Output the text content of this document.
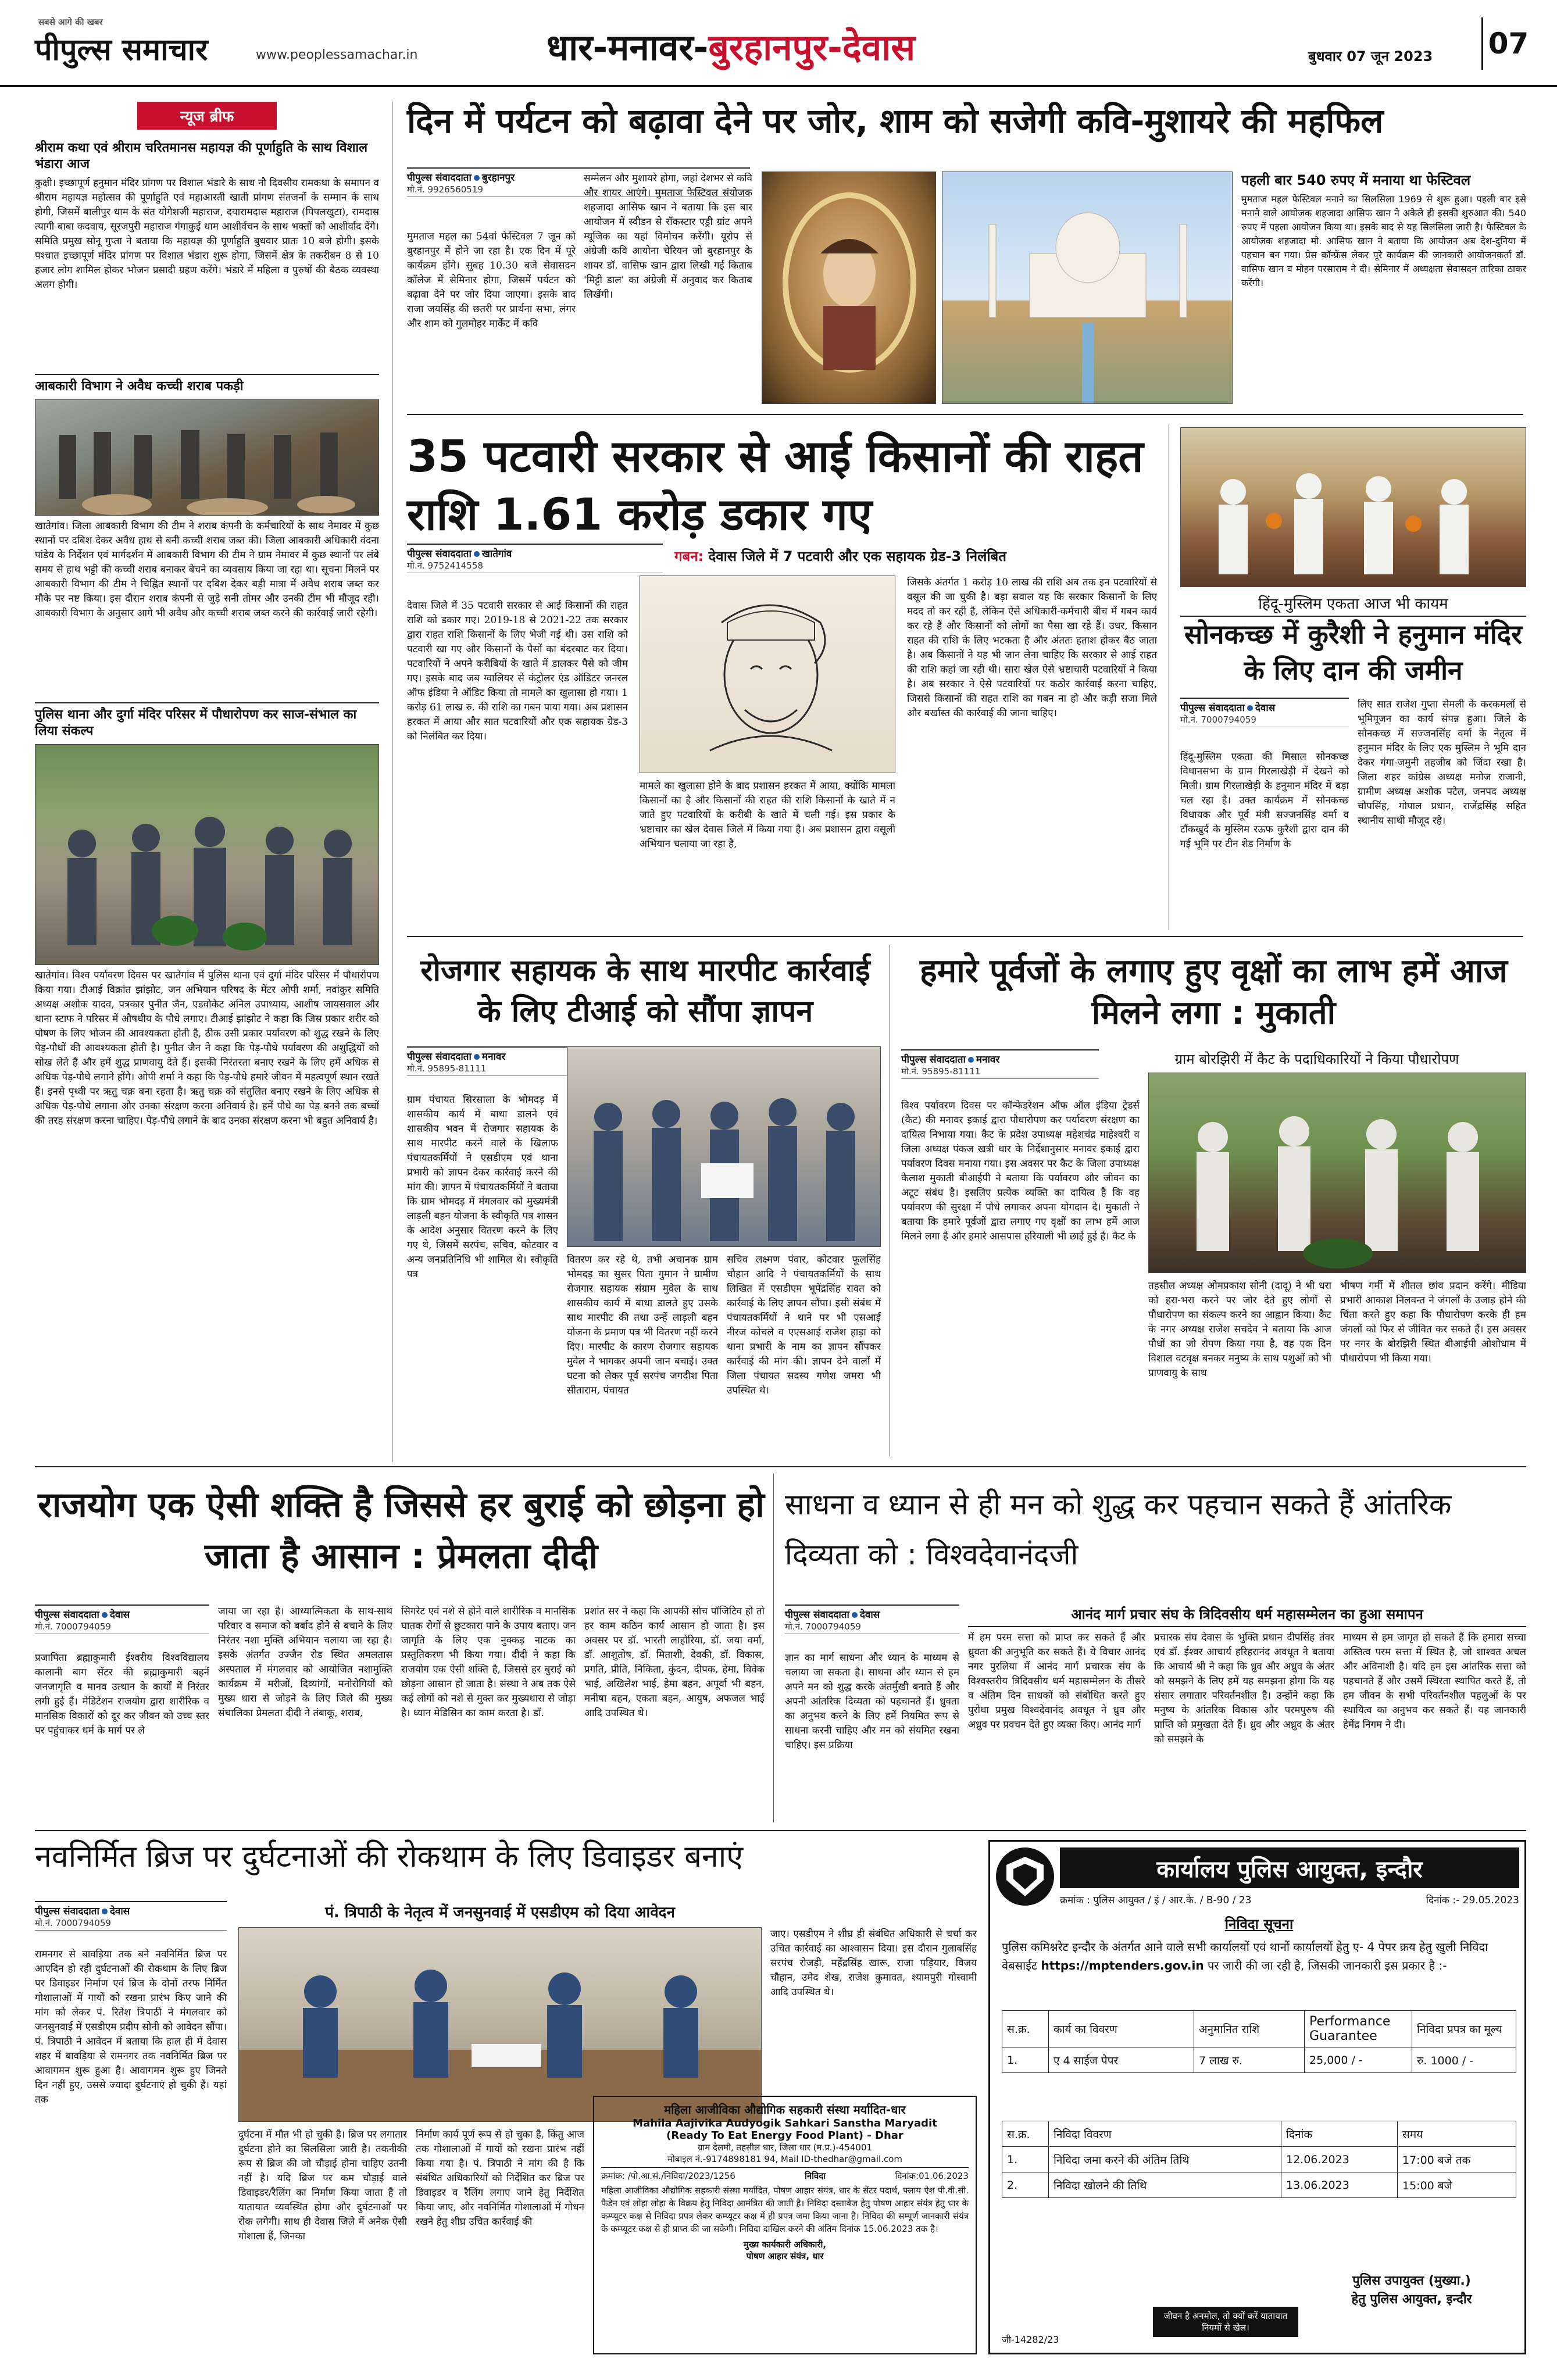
सबसे आगे की खबर
पीपुल्स समाचार	www.peoplessamachar.in	धार-मनावर-बुरहानपुर-देवास	बुधवार 07 जून 2023 07
न्यूज ब्रीफ
श्रीराम कथा एवं श्रीराम चरितमानस महायज्ञ की पूर्णाहुति के साथ विशाल भंडारा आज
कुक्षी। इच्छापूर्ण हनुमान मंदिर प्रांगण पर विशाल भंडारे के साथ नौ दिवसीय रामकथा के समापन व श्रीराम महायज्ञ महोत्सव की पूर्णाहुति एवं महाआरती खाती प्रांगण संतजनों के सम्मान के साथ होगी, जिसमें बालीपुर धाम के संत योगेशजी महाराज, दयारामदास महाराज (पिपलखुटा), रामदास त्यागी बाबा कदवाय, सूरजपुरी महाराज गंगाकुई धाम आशीर्वचन के साथ भक्तों को आशीर्वाद देंगे। समिति प्रमुख सोनू गुप्ता ने बताया कि महायज्ञ की पूर्णाहुति बुधवार प्रातः 10 बजे होगी। इसके पश्चात इच्छापूर्ण मंदिर प्रांगण पर विशाल भंडारा शुरू होगा, जिसमें क्षेत्र के तकरीबन 8 से 10 हजार लोग शामिल होकर भोजन प्रसादी ग्रहण करेंगे। भंडारे में महिला व पुरुषों की बैठक व्यवस्था अलग होगी।
आबकारी विभाग ने अवैध कच्ची शराब पकड़ी
खातेगांव। जिला आबकारी विभाग की टीम ने शराब कंपनी के कर्मचारियों के साथ नेमावर में कुछ स्थानों पर दबिश देकर अवैध हाथ से बनी कच्ची शराब जब्त की। जिला आबकारी अधिकारी वंदना पांडेय के निर्देशन एवं मार्गदर्शन में आबकारी विभाग की टीम ने ग्राम नेमावर में कुछ स्थानों पर लंबे समय से हाथ भट्टी की कच्ची शराब बनाकर बेचने का व्यवसाय किया जा रहा था। सूचना मिलने पर आबकारी विभाग की टीम ने चिह्नित स्थानों पर दबिश देकर बड़ी मात्रा में अवैध शराब जब्त कर मौके पर नष्ट किया। इस दौरान शराब कंपनी से जुड़े सनी तोमर और उनकी टीम भी मौजूद रही। आबकारी विभाग के अनुसार आगे भी अवैध और कच्ची शराब जब्त करने की कार्रवाई जारी रहेगी।
पुलिस थाना और दुर्गा मंदिर परिसर में पौधारोपण कर साज-संभाल का लिया संकल्प
खातेगांव। विश्व पर्यावरण दिवस पर खातेगांव में पुलिस थाना एवं दुर्गा मंदिर परिसर में पौधारोपण किया गया। टीआई विक्रांत झांझोट, जन अभियान परिषद के मेंटर ओपी शर्मा, नवांकुर समिति अध्यक्ष अशोक यादव, पत्रकार पुनीत जैन, एडवोकेट अनिल उपाध्याय, आशीष जायसवाल और थाना स्टाफ ने परिसर में औषधीय के पौधे लगाए। टीआई झांझोट ने कहा कि जिस प्रकार शरीर को पोषण के लिए भोजन की आवश्यकता होती है, ठीक उसी प्रकार पर्यावरण को शुद्ध रखने के लिए पेड़-पौधों की आवश्यकता होती है। पुनीत जैन ने कहा कि पेड़-पौधे पर्यावरण की अशुद्धियों को सोख लेते हैं और हमें शुद्ध प्राणवायु देते हैं। इसकी निरंतरता बनाए रखने के लिए हमें अधिक से अधिक पेड़-पौधे लगाने होंगे। ओपी शर्मा ने कहा कि पेड़-पौधे हमारे जीवन में महत्वपूर्ण स्थान रखते हैं। इनसे पृथ्वी पर ऋतु चक्र बना रहता है। ऋतु चक्र को संतुलित बनाए रखने के लिए अधिक से अधिक पेड़-पौधे लगाना और उनका संरक्षण करना अनिवार्य है। हमें पौधे का पेड़ बनने तक बच्चों की तरह संरक्षण करना चाहिए। पेड़-पौधे लगाने के बाद उनका संरक्षण करना भी बहुत अनिवार्य है।
दिन में पर्यटन को बढ़ावा देने पर जोर, शाम को सजेगी कवि-मुशायरे की महफिल
पीपुल्स संवाददाता बुरहानपुर
मो.नं. 9926560519
मुमताज महल का 54वां फेस्टिवल 7 जून को बुरहानपुर में होने जा रहा है। एक दिन में पूरे कार्यक्रम होंगे। सुबह 10.30 बजे सेवासदन कॉलेज में सेमिनार होगा, जिसमें पर्यटन को बढ़ावा देने पर जोर दिया जाएगा। इसके बाद राजा जयसिंह की छतरी पर प्रार्थना सभा, लंगर और शाम को गुलमोहर मार्केट में कवि
सम्मेलन और मुशायरे होगा, जहां देशभर से कवि और शायर आएंगे। मुमताज फेस्टिवल संयोजक शहजादा आसिफ खान ने बताया कि इस बार आयोजन में स्वीडन से रॉकस्टार एड्री ग्रांट अपने म्यूजिक का यहां विमोचन करेंगी। यूरोप से अंग्रेजी कवि आयोना चेरियन जो बुरहानपुर के शायर डॉ. वासिफ खान द्वारा लिखी गई किताब 'मिट्टी डाल' का अंग्रेजी में अनुवाद कर किताब लिखेंगी।
पहली बार 540 रुपए में मनाया था फेस्टिवल
मुमताज महल फेस्टिवल मनाने का सिलसिला 1969 से शुरू हुआ। पहली बार इसे मनाने वाले आयोजक शहजादा आसिफ खान ने अकेले ही इसकी शुरुआत की। 540 रुपए में पहला आयोजन किया था। इसके बाद से यह सिलसिला जारी है। फेस्टिवल के आयोजक शहजादा मो. आसिफ खान ने बताया कि आयोजन अब देश-दुनिया में पहचान बन गया। प्रेस कॉन्फ्रेंस लेकर पूरे कार्यक्रम की जानकारी आयोजनकर्ता डॉ. वासिफ खान व मोहन परसाराम ने दी। सेमिनार में अध्यक्षता सेवासदन तारिका ठाकर करेंगी।
35 पटवारी सरकार से आई किसानों की राहत राशि 1.61 करोड़ डकार गए
पीपुल्स संवाददाता खातेगांव
मो.नं. 9752414558
गबन: देवास जिले में 7 पटवारी और एक सहायक ग्रेड-3 निलंबित
देवास जिले में 35 पटवारी सरकार से आई किसानों की राहत राशि को डकार गए। 2019-18 से 2021-22 तक सरकार द्वारा राहत राशि किसानों के लिए भेजी गई थी। उस राशि को पटवारी खा गए और किसानों के पैसों का बंदरबाट कर दिया। पटवारियों ने अपने करीबियों के खाते में डालकर पैसे को जीम गए। इसके बाद जब ग्वालियर से कंट्रोलर एंड ऑडिटर जनरल ऑफ इंडिया ने ऑडिट किया तो मामले का खुलासा हो गया। 1 करोड़ 61 लाख रु. की राशि का गबन पाया गया। अब प्रशासन हरकत में आया और सात पटवारियों और एक सहायक ग्रेड-3 को निलंबित कर दिया।
मामले का खुलासा होने के बाद प्रशासन हरकत में आया, क्योंकि मामला किसानों का है और किसानों की राहत की राशि किसानों के खाते में न जाते हुए पटवारियों के करीबी के खाते में चली गई। इस प्रकार के भ्रष्टाचार का खेल देवास जिले में किया गया है। अब प्रशासन द्वारा वसूली अभियान चलाया जा रहा है,
जिसके अंतर्गत 1 करोड़ 10 लाख की राशि अब तक इन पटवारियों से वसूल की जा चुकी है। बड़ा सवाल यह कि सरकार किसानों के लिए मदद तो कर रही है, लेकिन ऐसे अधिकारी-कर्मचारी बीच में गबन कार्य कर रहे हैं और किसानों को लोगों का पैसा खा रहे हैं। उधर, किसान राहत की राशि के लिए भटकता है और अंततः हताश होकर बैठ जाता है। अब किसानों ने यह भी जान लेना चाहिए कि सरकार से आई राहत की राशि कहां जा रही थी। सारा खेल ऐसे भ्रष्टाचारी पटवारियों ने किया है। अब सरकार ने ऐसे पटवारियों पर कठोर कार्रवाई करना चाहिए, जिससे किसानों की राहत राशि का गबन ना हो और कड़ी सजा मिले और बर्खास्त की कार्रवाई की जाना चाहिए।
हिंदू-मुस्लिम एकता आज भी कायम
सोनकच्छ में कुरैशी ने हनुमान मंदिर के लिए दान की जमीन
पीपुल्स संवाददाता देवास
मो.नं. 7000794059
हिंदू-मुस्लिम एकता की मिसाल सोनकच्छ विधानसभा के ग्राम गिरलाखेड़ी में देखने को मिली। ग्राम गिरलाखेड़ी के हनुमान मंदिर में बड़ा चल रहा है। उक्त कार्यक्रम में सोनकच्छ विधायक और पूर्व मंत्री सज्जनसिंह वर्मा व टौंकखुर्द के मुस्लिम रऊफ कुरैशी द्वारा दान की गई भूमि पर टीन शेड निर्माण के
लिए सात राजेश गुप्ता सेमली के करकमलों से भूमिपूजन का कार्य संपन्न हुआ। जिले के सोनकच्छ में सज्जनसिंह वर्मा के नेतृत्व में हनुमान मंदिर के लिए एक मुस्लिम ने भूमि दान देकर गंगा-जमुनी तहजीब को जिंदा रखा है। जिला शहर कांग्रेस अध्यक्ष मनोज राजानी, ग्रामीण अध्यक्ष अशोक पटेल, जनपद अध्यक्ष चौपसिंह, गोपाल प्रधान, राजेंद्रसिंह सहित स्थानीय साथी मौजूद रहे।
रोजगार सहायक के साथ मारपीट कार्रवाई के लिए टीआई को सौंपा ज्ञापन
पीपुल्स संवाददाता मनावर
मो.नं. 95895-81111
ग्राम पंचायत सिरसाला के भोमदड़ में शासकीय कार्य में बाधा डालने एवं शासकीय भवन में रोजगार सहायक के साथ मारपीट करने वाले के खिलाफ पंचायतकर्मियों ने एसडीएम एवं थाना प्रभारी को ज्ञापन देकर कार्रवाई करने की मांग की। ज्ञापन में पंचायतकर्मियों ने बताया कि ग्राम भोमदड़ में मंगलवार को मुख्यमंत्री लाड़ली बहन योजना के स्वीकृति पत्र शासन के आदेश अनुसार वितरण करने के लिए गए थे, जिसमें सरपंच, सचिव, कोटवार व अन्य जनप्रतिनिधि भी शामिल थे। स्वीकृति पत्र
वितरण कर रहे थे, तभी अचानक ग्राम भोमदड़ का सुसर पिता गुमान ने ग्रामीण रोजगार सहायक संग्राम मुवेल के साथ शासकीय कार्य में बाधा डालते हुए उसके साथ मारपीट की तथा उन्हें लाड़ली बहन योजना के प्रमाण पत्र भी वितरण नहीं करने दिए। मारपीट के कारण रोजगार सहायक मुवेल ने भागकर अपनी जान बचाई। उक्त घटना को लेकर पूर्व सरपंच जगदीश पिता सीताराम, पंचायत
सचिव लक्ष्मण पंवार, कोटवार फूलसिंह चौहान आदि ने पंचायतकर्मियों के साथ लिखित में एसडीएम भूपेंद्रसिंह रावत को कार्रवाई के लिए ज्ञापन सौंपा। इसी संबंध में पंचायतकर्मियों ने थाने पर भी एसआई नीरज कोचले व एएसआई राजेश हाड़ा को थाना प्रभारी के नाम का ज्ञापन सौंपकर कार्रवाई की मांग की। ज्ञापन देने वालों में जिला पंचायत सदस्य गणेश जमरा भी उपस्थित थे।
हमारे पूर्वजों के लगाए हुए वृक्षों का लाभ हमें आज मिलने लगा : मुकाती
पीपुल्स संवाददाता मनावर
मो.नं. 95895-81111
ग्राम बोरझिरी में कैट के पदाधिकारियों ने किया पौधारोपण
विश्व पर्यावरण दिवस पर कॉन्फेडरेशन ऑफ ऑल इंडिया ट्रेडर्स (कैट) की मनावर इकाई द्वारा पौधारोपण कर पर्यावरण संरक्षण का दायित्व निभाया गया। कैट के प्रदेश उपाध्यक्ष महेशचंद्र माहेश्वरी व जिला अध्यक्ष पंकज खत्री धार के निर्देशानुसार मनावर इकाई द्वारा पर्यावरण दिवस मनाया गया। इस अवसर पर कैट के जिला उपाध्यक्ष कैलाश मुकाती बीआईपी ने बताया कि पर्यावरण और जीवन का अटूट संबंध है। इसलिए प्रत्येक व्यक्ति का दायित्व है कि वह पर्यावरण की सुरक्षा में पौधे लगाकर अपना योगदान दे। मुकाती ने बताया कि हमारे पूर्वजों द्वारा लगाए गए वृक्षों का लाभ हमें आज मिलने लगा है और हमारे आसपास हरियाली भी छाई हुई है। कैट के
तहसील अध्यक्ष ओमप्रकाश सोनी (दादू) ने भी धरा को हरा-भरा करने पर जोर देते हुए लोगों से पौधारोपण का संकल्प करने का आह्वान किया। कैट के नगर अध्यक्ष राजेश सचदेव ने बताया कि आज पौधों का जो रोपण किया गया है, वह एक दिन विशाल वटवृक्ष बनकर मनुष्य के साथ पशुओं को भी प्राणवायु के साथ
भीषण गर्मी में शीतल छांव प्रदान करेंगे। मीडिया प्रभारी आकाश निलवन्त ने जंगलों के उजाड़ होने की चिंता करते हुए कहा कि पौधारोपण करके ही हम जंगलों को फिर से जीवित कर सकते हैं। इस अवसर पर नगर के बोरझिरी स्थित बीआईपी ओशोधाम में पौधारोपण भी किया गया।
राजयोग एक ऐसी शक्ति है जिससे हर बुराई को छोड़ना हो जाता है आसान : प्रेमलता दीदी
पीपुल्स संवाददाता देवास
मो.नं. 7000794059
प्रजापिता ब्रह्माकुमारी ईश्वरीय विश्वविद्यालय कालानी बाग सेंटर की ब्रह्माकुमारी बहनें जनजागृति व मानव उत्थान के कार्यों में निरंतर लगी हुई हैं। मेडिटेशन राजयोग द्वारा शारीरिक व मानसिक विकारों को दूर कर जीवन को उच्च स्तर पर पहुंचाकर धर्म के मार्ग पर ले
जाया जा रहा है। आध्यात्मिकता के साथ-साथ परिवार व समाज को बर्बाद होने से बचाने के लिए निरंतर नशा मुक्ति अभियान चलाया जा रहा है। इसके अंतर्गत उज्जैन रोड स्थित अमलतास अस्पताल में मंगलवार को आयोजित नशामुक्ति कार्यक्रम में मरीजों, दिव्यांगों, मनोरोगियों को मुख्य धारा से जोड़ने के लिए जिले की मुख्य संचालिका प्रेमलता दीदी ने तंबाकू, शराब,
सिगरेट एवं नशे से होने वाले शारीरिक व मानसिक घातक रोगों से छुटकारा पाने के उपाय बताए। जन जागृति के लिए एक नुक्कड़ नाटक का प्रस्तुतिकरण भी किया गया। दीदी ने कहा कि राजयोग एक ऐसी शक्ति है, जिससे हर बुराई को छोड़ना आसान हो जाता है। संस्था ने अब तक ऐसे कई लोगों को नशे से मुक्त कर मुख्यधारा से जोड़ा है। ध्यान मेडिसिन का काम करता है। डॉ.
प्रशांत सर ने कहा कि आपकी सोच पॉजिटिव हो तो हर काम कठिन कार्य आसान हो जाता है। इस अवसर पर डॉ. भारती लाहोरिया, डॉ. जया वर्मा, डॉ. आशुतोष, डॉ. मिताशी, देवकी, डॉ. विकास, प्रगति, प्रीति, निकिता, कुंदन, दीपक, हेमा, विवेक भाई, अखिलेश भाई, हेमा बहन, अपूर्वा भी बहन, मनीषा बहन, एकता बहन, आयुष, अफजल भाई आदि उपस्थित थे।
साधना व ध्यान से ही मन को शुद्ध कर पहचान सकते हैं आंतरिक दिव्यता को : विश्वदेवानंदजी
पीपुल्स संवाददाता देवास
मो.नं. 7000794059
आनंद मार्ग प्रचार संघ के त्रिदिवसीय धर्म महासम्मेलन का हुआ समापन
ज्ञान का मार्ग साधना और ध्यान के माध्यम से चलाया जा सकता है। साधना और ध्यान से हम अपने मन को शुद्ध करके अंतर्मुखी बनाते हैं और अपनी आंतरिक दिव्यता को पहचानते हैं। ध्रुवता का अनुभव करने के लिए हमें नियमित रूप से साधना करनी चाहिए और मन को संयमित रखना चाहिए। इस प्रक्रिया
में हम परम सत्ता को प्राप्त कर सकते हैं और ध्रुवता की अनुभूति कर सकते हैं। ये विचार आनंद नगर पुरलिया में आनंद मार्ग प्रचारक संघ के विश्वस्तरीय त्रिदिवसीय धर्म महासम्मेलन के तीसरे व अंतिम दिन साधकों को संबोधित करते हुए पुरोधा प्रमुख विश्वदेवानंद अवधूत ने ध्रुव और अध्रुव पर प्रवचन देते हुए व्यक्त किए। आनंद मार्ग
प्रचारक संघ देवास के भुक्ति प्रधान दीपसिंह तंवर एवं डॉ. ईश्वर आचार्य हरिहरानंद अवधूत ने बताया कि आचार्य श्री ने कहा कि ध्रुव और अध्रुव के अंतर को समझने के लिए हमें यह समझना होगा कि यह संसार लगातार परिवर्तनशील है। उन्होंने कहा कि मनुष्य के आंतरिक विकास और परमपुरुष की प्राप्ति को प्रमुखता देते हैं। ध्रुव और अध्रुव के अंतर को समझने के
माध्यम से हम जागृत हो सकते हैं कि हमारा सच्चा अस्तित्व परम सत्ता में स्थित है, जो शाश्वत अचल और अविनाशी है। यदि हम इस आंतरिक सत्ता को पहचानते हैं और उसमें स्थिरता स्थापित करते हैं, तो हम जीवन के सभी परिवर्तनशील पहलुओं के पर स्थायित्व का अनुभव कर सकते हैं। यह जानकारी हेमेंद्र निगम ने दी।
नवनिर्मित ब्रिज पर दुर्घटनाओं की रोकथाम के लिए डिवाइडर बनाएं
पीपुल्स संवाददाता देवास
मो.नं. 7000794059
रामनगर से बावड़िया तक बने नवनिर्मित ब्रिज पर आएदिन हो रही दुर्घटनाओं की रोकथाम के लिए ब्रिज पर डिवाइडर निर्माण एवं ब्रिज के दोनों तरफ निर्मित गोशालाओं में गायों को रखना प्रारंभ किए जाने की मांग को लेकर पं. रितेश त्रिपाठी ने मंगलवार को जनसुनवाई में एसडीएम प्रदीप सोनी को आवेदन सौंपा। पं. त्रिपाठी ने आवेदन में बताया कि हाल ही में देवास शहर में बावड़िया से रामनगर तक नवनिर्मित ब्रिज पर आवागमन शुरू हुआ है। आवागमन शुरू हुए जिनते दिन नहीं हुए, उससे ज्यादा दुर्घटनाएं हो चुकी हैं। यहां तक
पं. त्रिपाठी के नेतृत्व में जनसुनवाई में एसडीएम को दिया आवेदन
दुर्घटना में मौत भी हो चुकी है। ब्रिज पर लगातार दुर्घटना होने का सिलसिला जारी है। तकनीकी रूप से ब्रिज की जो चौड़ाई होना चाहिए उतनी नहीं है। यदि ब्रिज पर कम चौड़ाई वाले डिवाइडर/रैलिंग का निर्माण किया जाता है तो यातायात व्यवस्थित होगा और दुर्घटनाओं पर रोक लगेगी। साथ ही देवास जिले में अनेक ऐसी गोशाला हैं, जिनका
निर्माण कार्य पूर्ण रूप से हो चुका है, किंतु आज तक गोशालाओं में गायों को रखना प्रारंभ नहीं किया गया है। पं. त्रिपाठी ने मांग की है कि संबंधित अधिकारियों को निर्देशित कर ब्रिज पर डिवाइडर व रैलिंग लगाए जाने हेतु निर्देशित किया जाए, और नवनिर्मित गोशालाओं में गोधन रखने हेतु शीघ्र उचित कार्रवाई की
जाए। एसडीएम ने शीघ्र ही संबंधित अधिकारी से चर्चा कर उचित कार्रवाई का आश्वासन दिया। इस दौरान गुलाबसिंह सरपंच रोजड़ी, महेंद्रसिंह खारू, राजा पड़ियार, विजय चौहान, उमेद शेख, राजेश कुमावत, श्यामपुरी गोस्वामी आदि उपस्थित थे।
महिला आजीविका औद्योगिक सहकारी संस्था मर्यादित-धार
Mahila Aajivika Audyogik Sahkari Sanstha Maryadit
(Ready To Eat Energy Food Plant) - Dhar
ग्राम देलमी, तहसील धार, जिला धार (म.प्र.)-454001
मोबाइल नं.-9174898181 94, Mail ID-thedhar@gmail.com
क्रमांक: /पो.आ.सं./निविदा/2023/1256	निविदा	दिनांक:01.06.2023
महिला आजीविका औद्योगिक सहकारी संस्था मर्यादित, पोषण आहार संयंत्र, धार के सेंटर पदार्थ, फ्लाय ऐश पी.वी.सी. फैडेन एवं लोहा लोहा के विक्रय हेतु निविदा आमंत्रित की जाती है। निविदा दस्तावेज हेतु पोषण आहार संयंत्र हेतु धार के कम्प्यूटर कक्ष से निविदा प्रपत्र लेकर कम्प्यूटर कक्ष में ही प्रपत्र जमा किया जाना है। निविदा की सम्पूर्ण जानकारी संयंत्र के कम्प्यूटर कक्ष से ही प्राप्त की जा सकेगी। निविदा दाखिल करने की अंतिम दिनांक 15.06.2023 तक है।
मुख्य कार्यकारी अधिकारी,
पोषण आहार संयंत्र, धार
कार्यालय पुलिस आयुक्त, इन्दौर
क्रमांक : पुलिस आयुक्त / इं / आर.के. / B-90 / 23	दिनांक :- 29.05.2023
निविदा सूचना
पुलिस कमिश्नरेट इन्दौर के अंतर्गत आने वाले सभी कार्यालयों एवं थानों कार्यालयों हेतु ए- 4 पेपर क्रय हेतु खुली निविदा वेबसाईट https://mptenders.gov.in पर जारी की जा रही है, जिसकी जानकारी इस प्रकार है :-
स.क्र.	कार्य का विवरण	अनुमानित राशि	Performance Guarantee	निविदा प्रपत्र का मूल्य
1.	ए 4 साईज पेपर	7 लाख रु.	25,000 / -	रु. 1000 / -
स.क्र.	निविदा विवरण	दिनांक	समय
1.	निविदा जमा करने की अंतिम तिथि	12.06.2023	17:00 बजे तक
2.	निविदा खोलने की तिथि	13.06.2023	15:00 बजे
पुलिस उपायुक्त (मुख्या.)
हेतु पुलिस आयुक्त, इन्दौर
जी-14282/23
जीवन है अनमोल, तो क्यों करें यातायात नियमों से खेल।
